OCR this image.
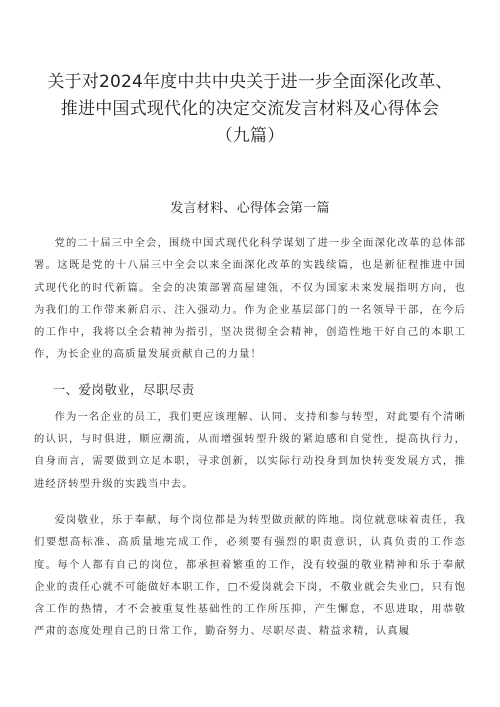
关于对2024年度中共中央关于进一步全面深化改革、
推进中国式现代化的决定交流发言材料及心得体会
（九篇）
发言材料、心得体会第一篇

党的二十届三中全会，围绕中国式现代化科学谋划了进一步全面深化改革的总体部署。这既是党的十八届三中全会以来全面深化改革的实践续篇，也是新征程推进中国式现代化的时代新篇。全会的决策部署高屋建瓴，不仅为国家未来发展指明方向，也为我们的工作带来新启示、注入强动力。作为企业基层部门的一名领导干部，在今后的工作中，我将以全会精神为指引，坚决贯彻全会精神，创造性地干好自己的本职工作，为长企业的高质量发展贡献自己的力量！

一、爱岗敬业，尽职尽责

作为一名企业的员工，我们更应该理解、认同、支持和参与转型，对此要有个清晰的认识，与时俱进，顺应潮流，从而增强转型升级的紧迫感和自觉性，提高执行力，自身而言，需要做到立足本职，寻求创新，以实际行动投身到加快转变发展方式，推进经济转型升级的实践当中去。

爱岗敬业，乐于奉献，每个岗位都是为转型做贡献的阵地。岗位就意味着责任，我们要想高标准、高质量地完成工作，必须要有强烈的职责意识，认真负责的工作态度。每个人都有自己的岗位，都承担着繁重的工作，没有较强的敬业精神和乐于奉献企业的责任心就不可能做好本职工作，□不爱岗就会下岗，不敬业就会失业□，只有饱含工作的热情，才不会被重复性基础性的工作所压抑，产生懈怠，不思进取，用恭敬严肃的态度处理自己的日常工作，勤奋努力、尽职尽责、精益求精，认真履
